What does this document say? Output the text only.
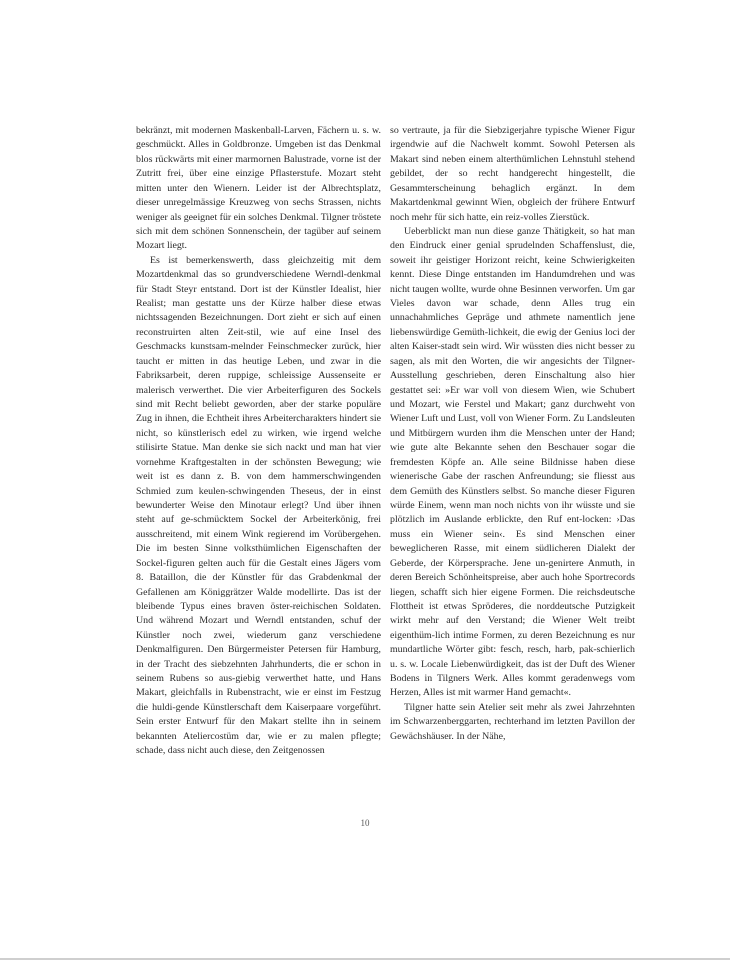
bekränzt, mit modernen Maskenball-Larven, Fächern u. s. w. geschmückt. Alles in Goldbronze. Umgeben ist das Denkmal blos rückwärts mit einer marmornen Balustrade, vorne ist der Zutritt frei, über eine einzige Pflasterstufe. Mozart steht mitten unter den Wienern. Leider ist der Albrechtsplatz, dieser unregelmässige Kreuzweg von sechs Strassen, nichts weniger als geeignet für ein solches Denkmal. Tilgner tröstete sich mit dem schönen Sonnenschein, der tagüber auf seinem Mozart liegt.

Es ist bemerkenswerth, dass gleichzeitig mit dem Mozartdenkmal das so grundverschiedene Werndl-denkmal für Stadt Steyr entstand. Dort ist der Künstler Idealist, hier Realist; man gestatte uns der Kürze halber diese etwas nichtssagenden Bezeichnungen. Dort zieht er sich auf einen reconstruirten alten Zeit-stil, wie auf eine Insel des Geschmacks kunstsam-melnder Feinschmecker zurück, hier taucht er mitten in das heutige Leben, und zwar in die Fabriksarbeit, deren ruppige, schleissige Aussenseite er malerisch verwerthet. Die vier Arbeiterfiguren des Sockels sind mit Recht beliebt geworden, aber der starke populäre Zug in ihnen, die Echtheit ihres Arbeitercharakters hindert sie nicht, so künstlerisch edel zu wirken, wie irgend welche stilisirte Statue. Man denke sie sich nackt und man hat vier vornehme Kraftgestalten in der schönsten Bewegung; wie weit ist es dann z. B. von dem hammerschwingenden Schmied zum keulen-schwingenden Theseus, der in einst bewunderter Weise den Minotaur erlegt? Und über ihnen steht auf ge-schmücktem Sockel der Arbeiterkönig, frei ausschreitend, mit einem Wink regierend im Vorübergehen. Die im besten Sinne volksthümlichen Eigenschaften der Sockel-figuren gelten auch für die Gestalt eines Jägers vom 8. Bataillon, die der Künstler für das Grabdenkmal der Gefallenen am Königgrätzer Walde modellirte. Das ist der bleibende Typus eines braven öster-reichischen Soldaten. Und während Mozart und Werndl entstanden, schuf der Künstler noch zwei, wiederum ganz verschiedene Denkmalfiguren. Den Bürgermeister Petersen für Hamburg, in der Tracht des siebzehnten Jahrhunderts, die er schon in seinem Rubens so aus-giebig verwerthet hatte, und Hans Makart, gleichfalls in Rubenstracht, wie er einst im Festzug die huldi-gende Künstlerschaft dem Kaiserpaare vorgeführt. Sein erster Entwurf für den Makart stellte ihn in seinem bekannten Ateliercostüm dar, wie er zu malen pflegte; schade, dass nicht auch diese, den Zeitgenossen

so vertraute, ja für die Siebzigerjahre typische Wiener Figur irgendwie auf die Nachwelt kommt. Sowohl Petersen als Makart sind neben einem alterthümlichen Lehnstuhl stehend gebildet, der so recht handgerecht hingestellt, die Gesammterscheinung behaglich ergänzt. In dem Makartdenkmal gewinnt Wien, obgleich der frühere Entwurf noch mehr für sich hatte, ein reiz-volles Zierstück.

Ueberblickt man nun diese ganze Thätigkeit, so hat man den Eindruck einer genial sprudelnden Schaffenslust, die, soweit ihr geistiger Horizont reicht, keine Schwierigkeiten kennt. Diese Dinge entstanden im Handumdrehen und was nicht taugen wollte, wurde ohne Besinnen verworfen. Um gar Vieles davon war schade, denn Alles trug ein unnachahmliches Gepräge und athmete namentlich jene liebenswürdige Gemüth-lichkeit, die ewig der Genius loci der alten Kaiser-stadt sein wird. Wir wüssten dies nicht besser zu sagen, als mit den Worten, die wir angesichts der Tilgner-Ausstellung geschrieben, deren Einschaltung also hier gestattet sei: »Er war voll von diesem Wien, wie Schubert und Mozart, wie Ferstel und Makart; ganz durchweht von Wiener Luft und Lust, voll von Wiener Form. Zu Landsleuten und Mitbürgern wurden ihm die Menschen unter der Hand; wie gute alte Bekannte sehen den Beschauer sogar die fremdesten Köpfe an. Alle seine Bildnisse haben diese wienerische Gabe der raschen Anfreundung; sie fliesst aus dem Gemüth des Künstlers selbst. So manche dieser Figuren würde Einem, wenn man noch nichts von ihr wüsste und sie plötzlich im Auslande erblickte, den Ruf ent-locken: ›Das muss ein Wiener sein‹. Es sind Menschen einer beweglicheren Rasse, mit einem südlicheren Dialekt der Geberde, der Körpersprache. Jene un-genirtere Anmuth, in deren Bereich Schönheitspreise, aber auch hohe Sportrecords liegen, schafft sich hier eigene Formen. Die reichsdeutsche Flottheit ist etwas Spröderes, die norddeutsche Putzigkeit wirkt mehr auf den Verstand; die Wiener Welt treibt eigenthüm-lich intime Formen, zu deren Bezeichnung es nur mundartliche Wörter gibt: fesch, resch, harb, pak-schierlich u. s. w. Locale Liebenwürdigkeit, das ist der Duft des Wiener Bodens in Tilgners Werk. Alles kommt geradenwegs vom Herzen, Alles ist mit warmer Hand gemacht«.

Tilgner hatte sein Atelier seit mehr als zwei Jahrzehnten im Schwarzenberggarten, rechterhand im letzten Pavillon der Gewächshäuser. In der Nähe,

10
